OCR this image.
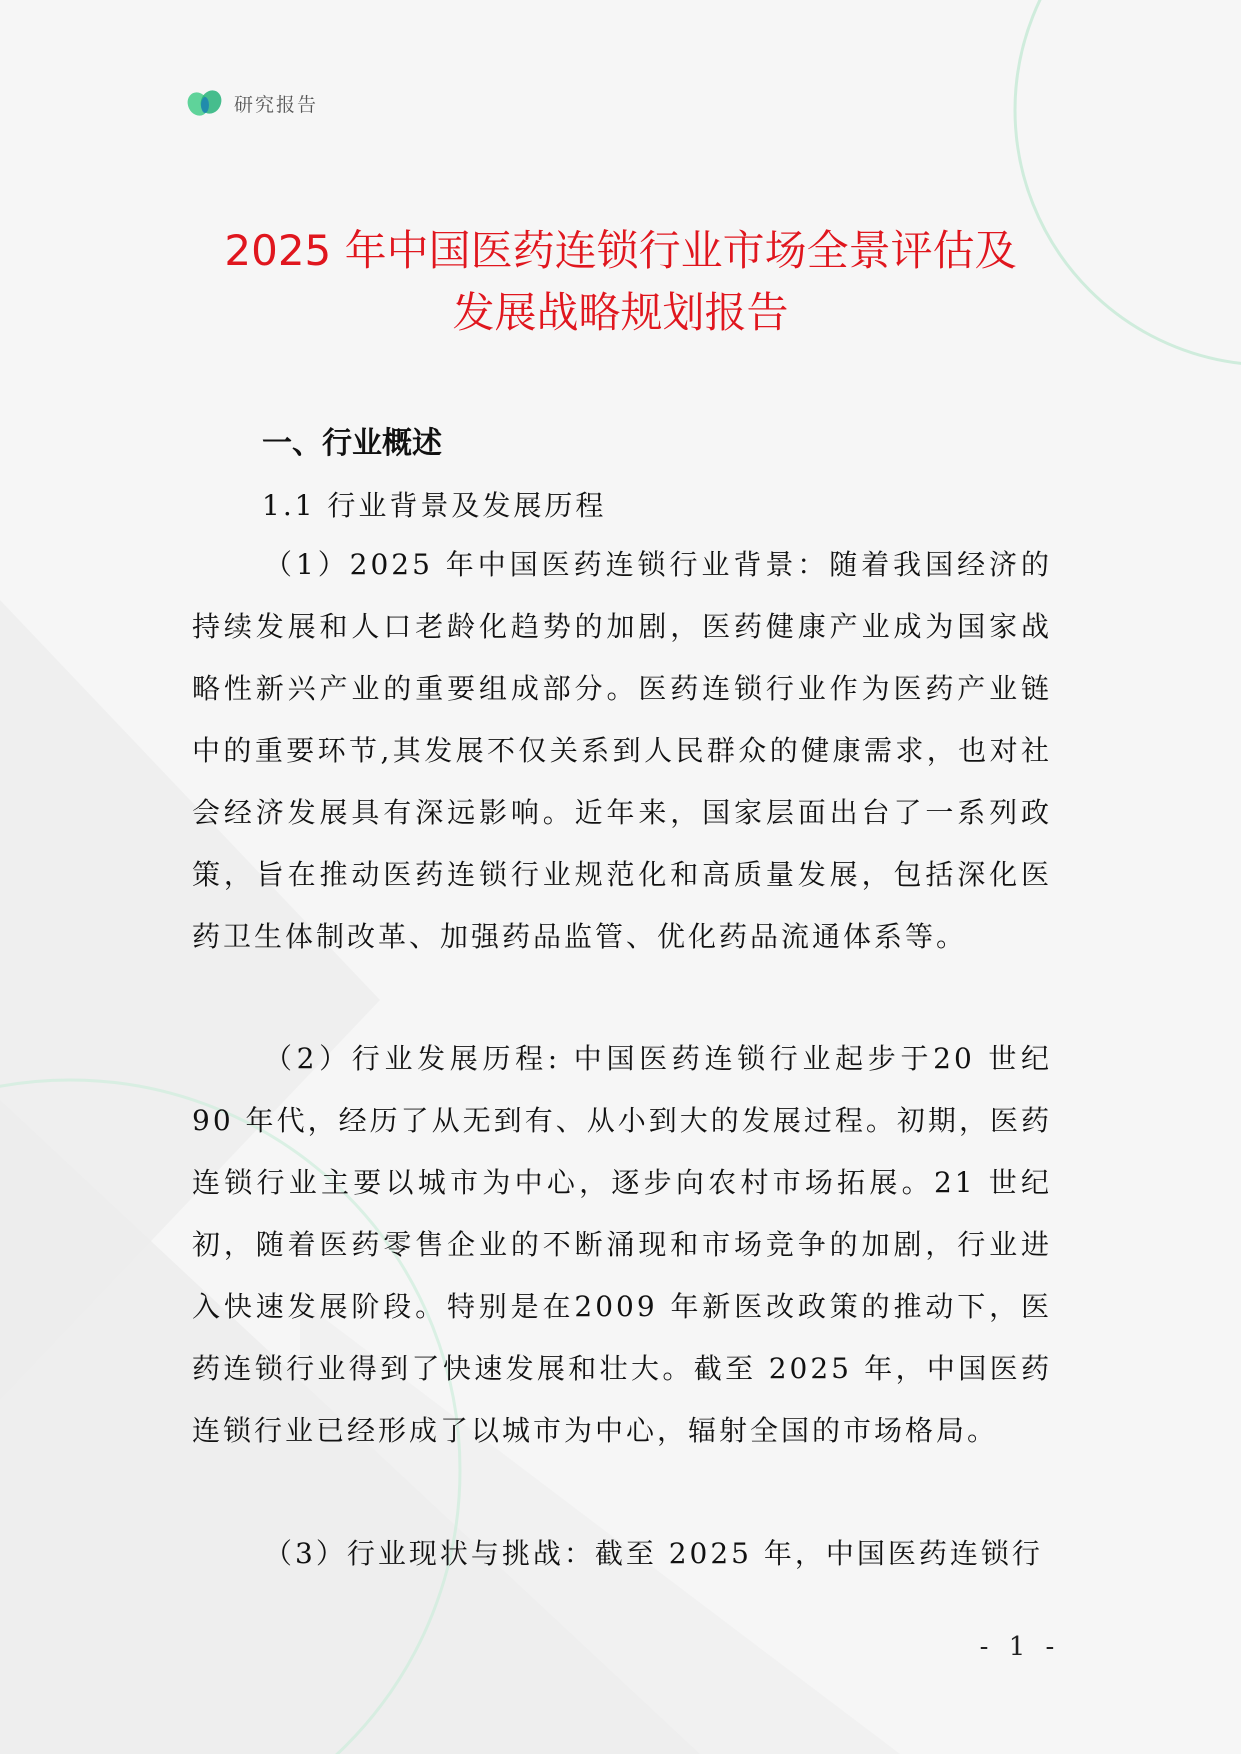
研究报告
2025 年中国医药连锁行业市场全景评估及
发展战略规划报告
一、行业概述
1.1 行业背景及发展历程

（1）2025 年中国医药连锁行业背景：随着我国经济的持续发展和人口老龄化趋势的加剧，医药健康产业成为国家战略性新兴产业的重要组成部分。医药连锁行业作为医药产业链中的重要环节,其发展不仅关系到人民群众的健康需求，也对社会经济发展具有深远影响。近年来，国家层面出台了一系列政策，旨在推动医药连锁行业规范化和高质量发展，包括深化医药卫生体制改革、加强药品监管、优化药品流通体系等。

（2）行业发展历程: 中国医药连锁行业起步于20 世纪 90 年代，经历了从无到有、从小到大的发展过程。初期，医药连锁行业主要以城市为中心，逐步向农村市场拓展。21 世纪初，随着医药零售企业的不断涌现和市场竞争的加剧，行业进入快速发展阶段。特别是在2009 年新医改政策的推动下，医药连锁行业得到了快速发展和壮大。截至 2025 年，中国医药连锁行业已经形成了以城市为中心，辐射全国的市场格局。

（3）行业现状与挑战：截至 2025 年，中国医药连锁行

- 1 -
